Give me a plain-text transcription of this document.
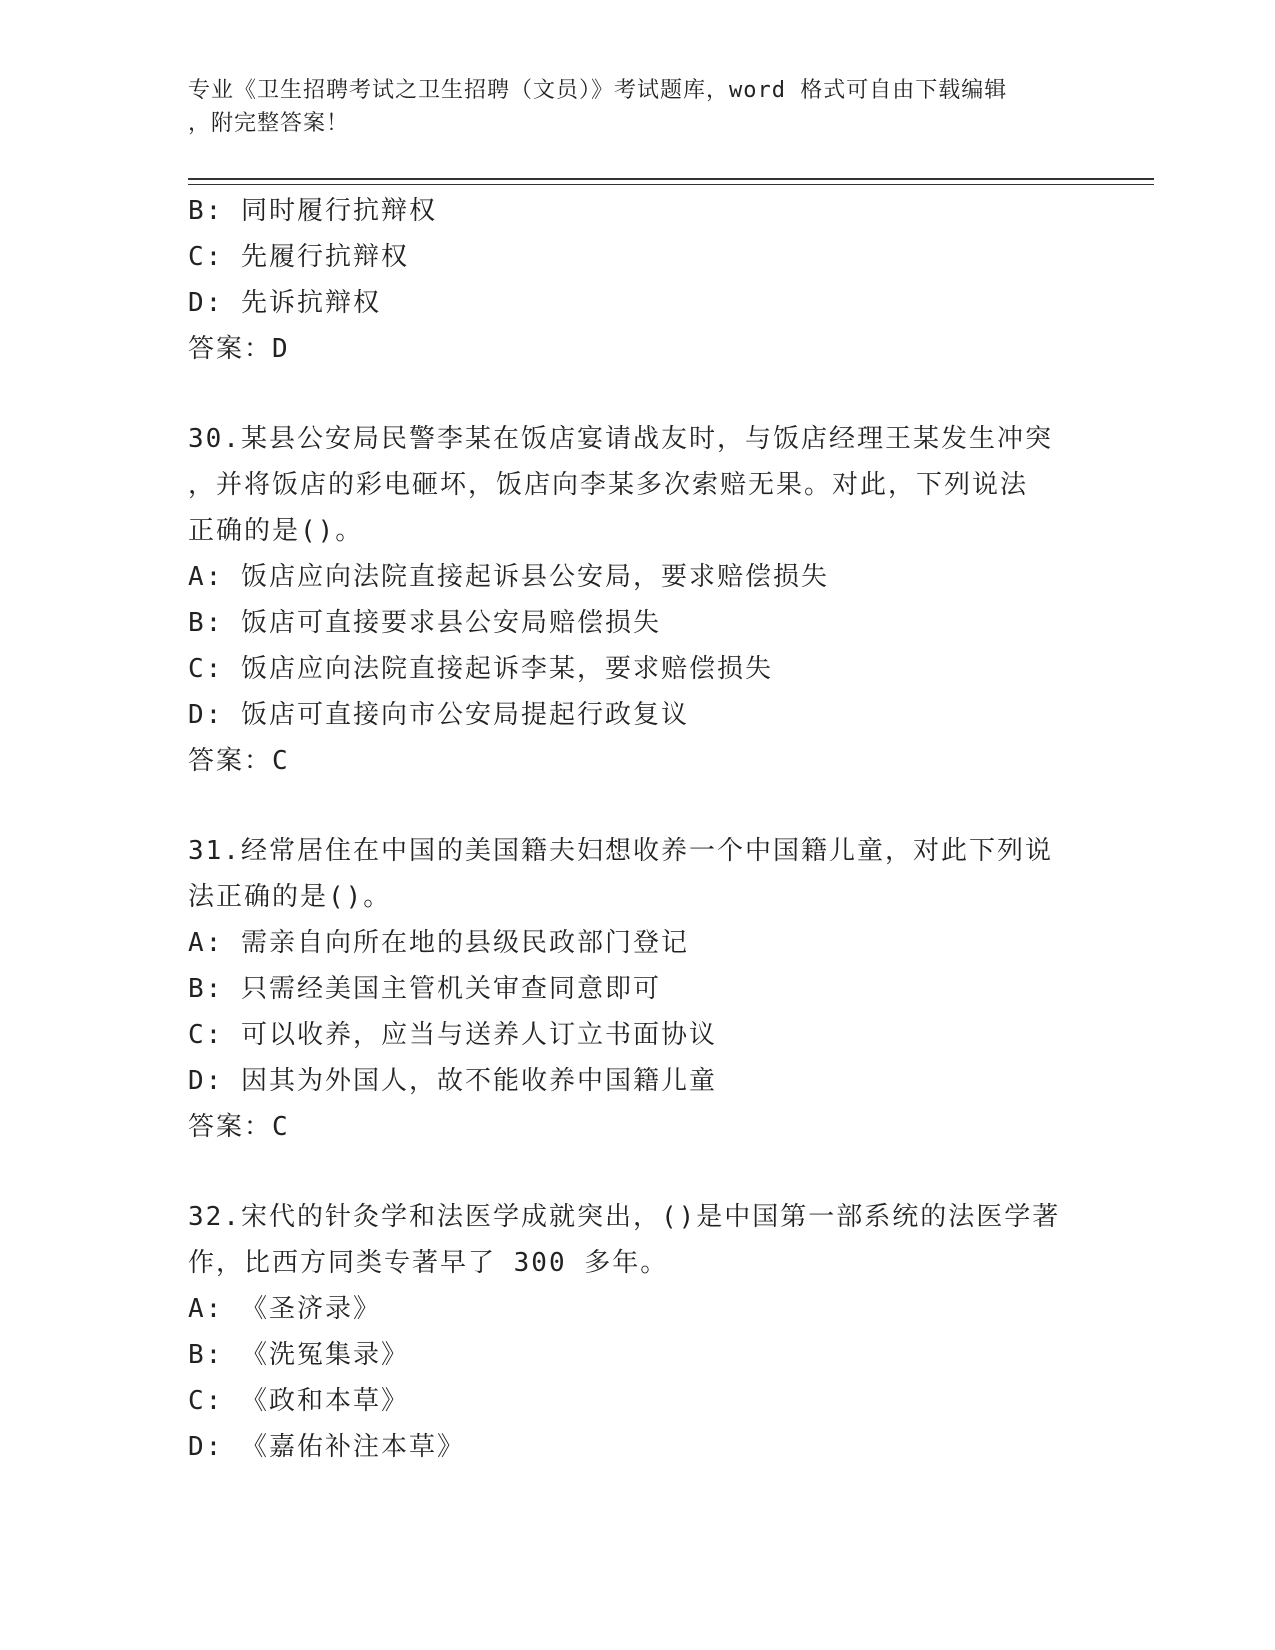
专业《卫生招聘考试之卫生招聘（文员）》考试题库，word 格式可自由下载编辑
，附完整答案！
B: 同时履行抗辩权
C: 先履行抗辩权
D: 先诉抗辩权
答案：D
30.某县公安局民警李某在饭店宴请战友时，与饭店经理王某发生冲突
，并将饭店的彩电砸坏，饭店向李某多次索赔无果。对此，下列说法
正确的是()。
A: 饭店应向法院直接起诉县公安局，要求赔偿损失
B: 饭店可直接要求县公安局赔偿损失
C: 饭店应向法院直接起诉李某，要求赔偿损失
D: 饭店可直接向市公安局提起行政复议
答案：C
31.经常居住在中国的美国籍夫妇想收养一个中国籍儿童，对此下列说
法正确的是()。
A: 需亲自向所在地的县级民政部门登记
B: 只需经美国主管机关审查同意即可
C: 可以收养，应当与送养人订立书面协议
D: 因其为外国人，故不能收养中国籍儿童
答案：C
32.宋代的针灸学和法医学成就突出，()是中国第一部系统的法医学著
作，比西方同类专著早了 300 多年。
A: 《圣济录》
B: 《洗冤集录》
C: 《政和本草》
D: 《嘉佑补注本草》
